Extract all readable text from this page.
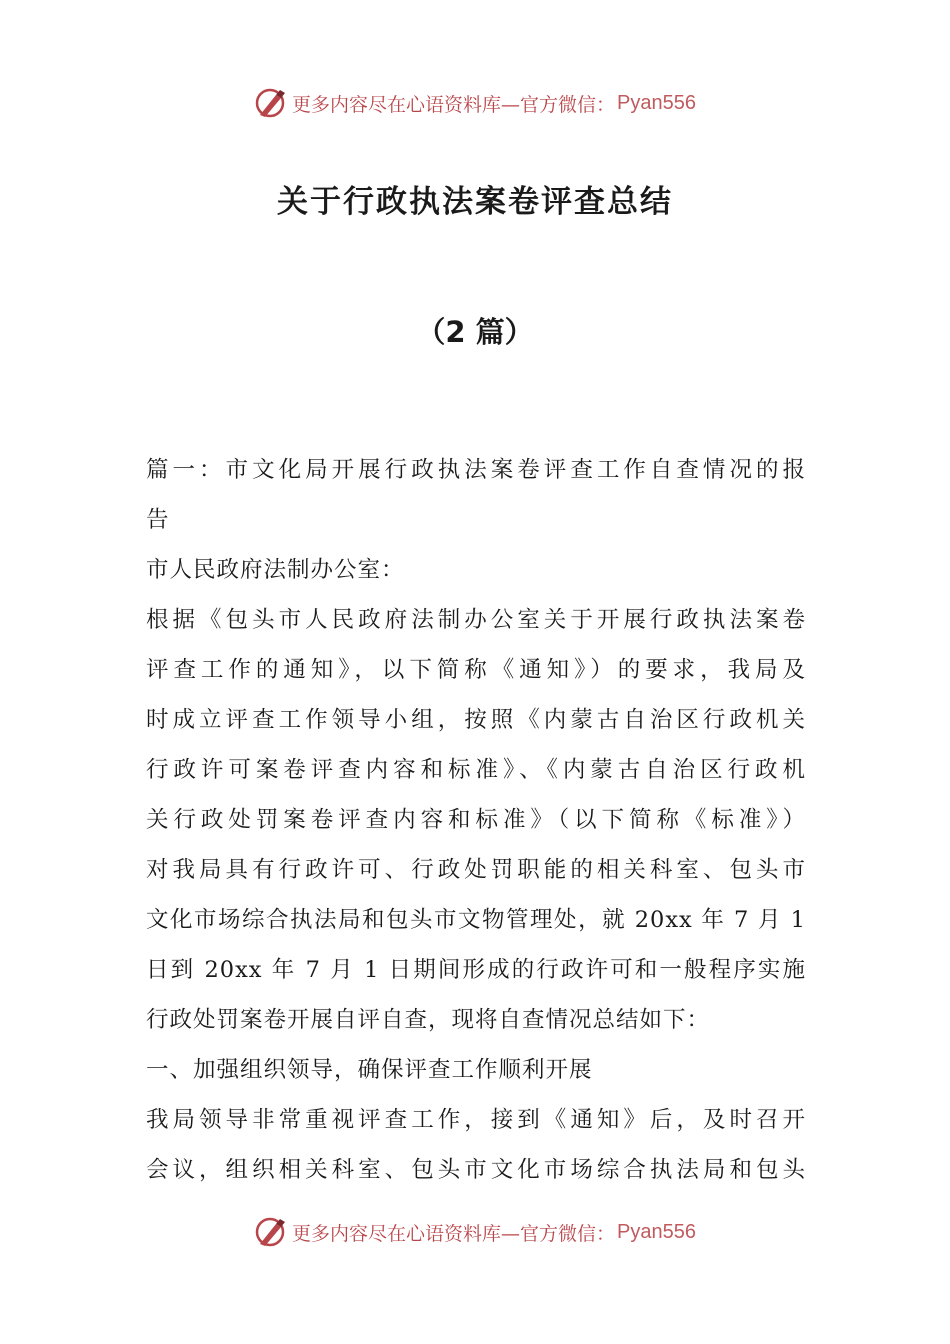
更多内容尽在心语资料库—官方微信： Pyan556
关于行政执法案卷评查总结
（2 篇）
篇一：市文化局开展行政执法案卷评查工作自查情况的报
告
市人民政府法制办公室：
根据《包头市人民政府法制办公室关于开展行政执法案卷
评查工作的通知》，以下简称《通知》）的要求，我局及
时成立评查工作领导小组，按照《内蒙古自治区行政机关
行政许可案卷评查内容和标准》、《内蒙古自治区行政机
关行政处罚案卷评查内容和标准》（以下简称《标准》）
对我局具有行政许可、行政处罚职能的相关科室、包头市
文化市场综合执法局和包头市文物管理处，就 20xx 年 7 月 1
日到 20xx 年 7 月 1 日期间形成的行政许可和一般程序实施
行政处罚案卷开展自评自查，现将自查情况总结如下：
一、加强组织领导，确保评查工作顺利开展
我局领导非常重视评查工作，接到《通知》后，及时召开
会议，组织相关科室、包头市文化市场综合执法局和包头
更多内容尽在心语资料库—官方微信： Pyan556
